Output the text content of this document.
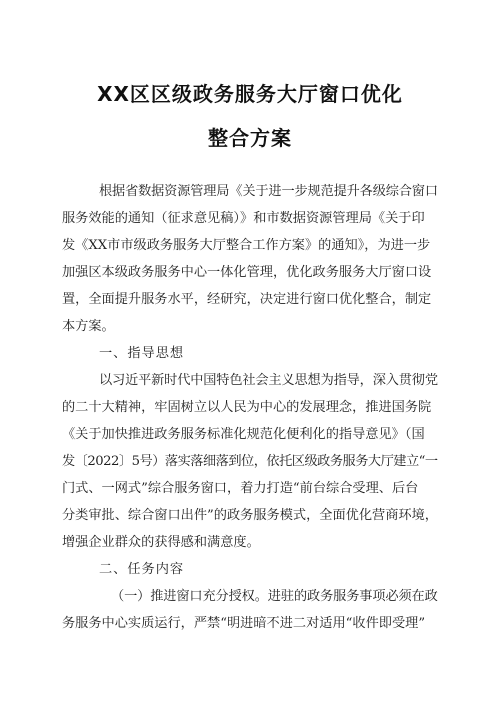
XX区区级政务服务大厅窗口优化
整合方案
根据省数据资源管理局《关于进一步规范提升各级综合窗口
服务效能的通知（征求意见稿）》和市数据资源管理局《关于印
发《XX市市级政务服务大厅整合工作方案》的通知》，为进一步
加强区本级政务服务中心一体化管理，优化政务服务大厅窗口设
置，全面提升服务水平，经研究，决定进行窗口优化整合，制定
本方案。
一、指导思想
以习近平新时代中国特色社会主义思想为指导，深入贯彻党
的二十大精神，牢固树立以人民为中心的发展理念，推进国务院
《关于加快推进政务服务标准化规范化便利化的指导意见》（国
发〔2022〕5号）落实落细落到位，依托区级政务服务大厅建立“一
门式、一网式”综合服务窗口，着力打造“前台综合受理、后台
分类审批、综合窗口出件”的政务服务模式，全面优化营商环境，
增强企业群众的获得感和满意度。
二、任务内容
（一）推进窗口充分授权。进驻的政务服务事项必须在政
务服务中心实质运行，严禁“明进暗不进二对适用“收件即受理”
